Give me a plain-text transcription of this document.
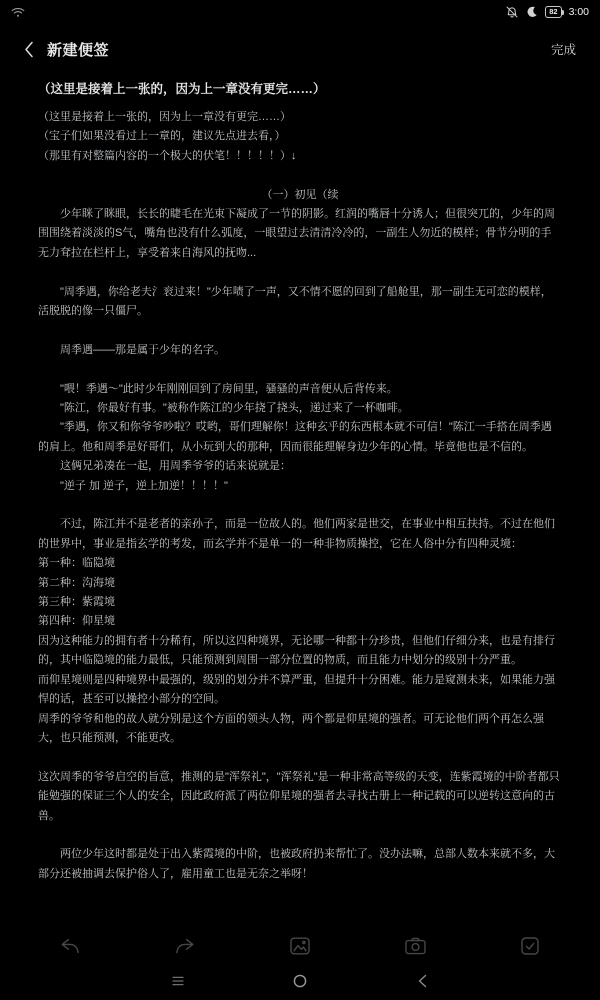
82	3:00
新建便签	完成
（这里是接着上一张的，因为上一章没有更完……）
（这里是接着上一张的，因为上一章没有更完……）
（宝子们如果没看过上一章的，建议先点进去看，）
（那里有对整篇内容的一个极大的伏笔！！！！！）↓
（一）初见（续
　　少年眯了眯眼，长长的睫毛在光束下凝成了一节的阴影。红润的嘴唇十分诱人；但很突兀的，少年的周围围绕着淡淡的S气，嘴角也没有什么弧度，一眼望过去清清冷冷的，一副生人勿近的模样；骨节分明的手无力耷拉在栏杆上，享受着来自海风的抚吻...
　　"周季遇，你给老夫氵衮过来！"少年啧了一声，又不情不愿的回到了船舱里，那一副生无可恋的模样，活脱脱的像一只僵尸。
　　周季遇——那是属于少年的名字。
　　"喂！季遇～"此时少年刚刚回到了房间里，骚骚的声音便从后背传来。
　　"陈江，你最好有事。"被称作陈江的少年挠了挠头，递过来了一杯咖啡。
　　"季遇，你又和你爷爷吵啦？哎哟，哥们理解你！这种玄乎的东西根本就不可信！"陈江一手搭在周季遇的肩上。他和周季是好哥们，从小玩到大的那种，因而很能理解身边少年的心情。毕竟他也是不信的。
　　这俩兄弟凑在一起，用周季爷爷的话来说就是：
　　"逆子 加 逆子，逆上加逆！！！！"
　　不过，陈江并不是老者的亲孙子，而是一位故人的。他们两家是世交，在事业中相互扶持。不过在他们的世界中，事业是指玄学的考发，而玄学并不是单一的一种非物质操控，它在人俗中分有四种灵境：
第一种：临隐境
第二种：沟海境
第三种：紫霞境
第四种：仰星境
因为这种能力的拥有者十分稀有，所以这四种境界，无论哪一种都十分珍贵，但他们仔细分来，也是有排行的，其中临隐境的能力最低，只能预测到周围一部分位置的物质，而且能力中划分的级别十分严重。
而仰星境则是四种境界中最强的，级别的划分并不算严重，但提升十分困难。能力是窥测未来，如果能力强悍的话，甚至可以操控小部分的空间。
周季的爷爷和他的故人就分别是这个方面的领头人物，两个都是仰星境的强者。可无论他们两个再怎么强大，也只能预测，不能更改。
这次周季的爷爷启空的旨意，推测的是"浑祭礼"，"浑祭礼"是一种非常高等级的天变，连紫霞境的中阶者都只能勉强的保证三个人的安全，因此政府派了两位仰星境的强者去寻找古册上一种记载的可以逆转这意向的古兽。
　　两位少年这时都是处于出入紫霞境的中阶，也被政府扔来帮忙了。没办法嘛，总部人数本来就不多，大部分还被抽调去保护俗人了，雇用童工也是无奈之举呀！
